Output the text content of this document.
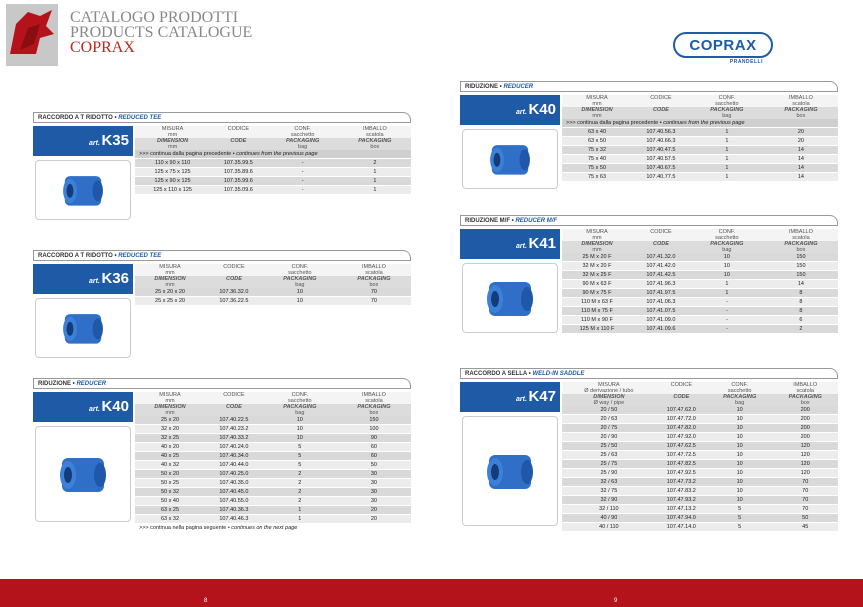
CATALOGO PRODOTTI
PRODUCTS CATALOGUE
COPRAX	COPRAX
PRANDELLI
RACCORDO A T RIDOTTO • REDUCED TEE
art. K35
MISURA
mm	CODICE	CONF.
sacchetto	IMBALLO
scatola

DIMENSION
mm	CODE	PACKAGING
bag	PACKAGING
box

>>> continua dalla pagina precedente • continues from the previous page			
110 x 90 x 110	107.35.99.5	-	2
125 x 75 x 125	107.35.89.6	-	1
125 x 90 x 125	107.35.99.6	-	1
125 x 110 x 125	107.35.09.6	-	1
RACCORDO A T RIDOTTO • REDUCED TEE
art. K36
MISURA
mm	CODICE	CONF.
sacchetto	IMBALLO
scatola

DIMENSION
mm	CODE	PACKAGING
bag	PACKAGING
box

25 x 20 x 20	107.36.32.0	10	70
25 x 25 x 20	107.36.22.5	10	70
RIDUZIONE • REDUCER
art. K40
MISURA
mm	CODICE	CONF.
sacchetto	IMBALLO
scatola

DIMENSION
mm	CODE	PACKAGING
bag	PACKAGING
box

25 x 20	107.40.22.5	10	150
32 x 20	107.40.23.2	10	100
32 x 25	107.40.33.2	10	90
40 x 20	107.40.24.0	5	60
40 x 25	107.40.34.0	5	60
40 x 32	107.40.44.0	5	50
50 x 20	107.40.25.0	2	30
50 x 25	107.40.35.0	2	30
50 x 32	107.40.45.0	2	30
50 x 40	107.40.55.0	2	30
63 x 25	107.40.36.3	1	20
63 x 32	107.40.46.3	1	20
>>> continua nella pagina seguente • continues on the next page			
RIDUZIONE • REDUCER
art. K40
MISURA
mm	CODICE	CONF.
sacchetto	IMBALLO
scatola

DIMENSION
mm	CODE	PACKAGING
bag	PACKAGING
box

>>> continua dalla pagina precedente • continues from the previous page			
63 x 40	107.40.56.3	1	20
63 x 50	107.40.66.3	1	20
75 x 32	107.40.47.5	1	14
75 x 40	107.40.57.5	1	14
75 x 50	107.40.67.5	1	14
75 x 63	107.40.77.5	1	14
RIDUZIONE M/F • REDUCER M/F
art. K41
MISURA
mm	CODICE	CONF.
sacchetto	IMBALLO
scatola

DIMENSION
mm	CODE	PACKAGING
bag	PACKAGING
box

25 M x 20 F	107.41.32.0	10	150
32 M x 20 F	107.41.42.0	10	150
32 M x 25 F	107.41.42.5	10	150
90 M x 63 F	107.41.96.3	1	14
90 M x 75 F	107.41.97.5	1	8
110 M x 63 F	107.41.06.3	-	8
110 M x 75 F	107.41.07.5	-	8
110 M x 90 F	107.41.09.0	-	6
125 M x 110 F	107.41.09.6	-	2
RACCORDO A SELLA • WELD-IN SADDLE
art. K47
MISURA
Ø derivazione / tubo	CODICE	CONF.
sacchetto	IMBALLO
scatola

DIMENSION
Ø way / pipe	CODE	PACKAGING
bag	PACKAGING
box

20 / 50	107.47.62.0	10	200
20 / 63	107.47.72.0	10	200
20 / 75	107.47.82.0	10	200
20 / 90	107.47.92.0	10	200
25 / 50	107.47.62.5	10	120
25 / 63	107.47.72.5	10	120
25 / 75	107.47.82.5	10	120
25 / 90	107.47.92.5	10	120
32 / 63	107.47.73.2	10	70
32 / 75	107.47.83.2	10	70
32 / 90	107.47.93.2	10	70
32 / 110	107.47.13.2	5	70
40 / 90	107.47.94.0	5	50
40 / 110	107.47.14.0	5	45
8	9
